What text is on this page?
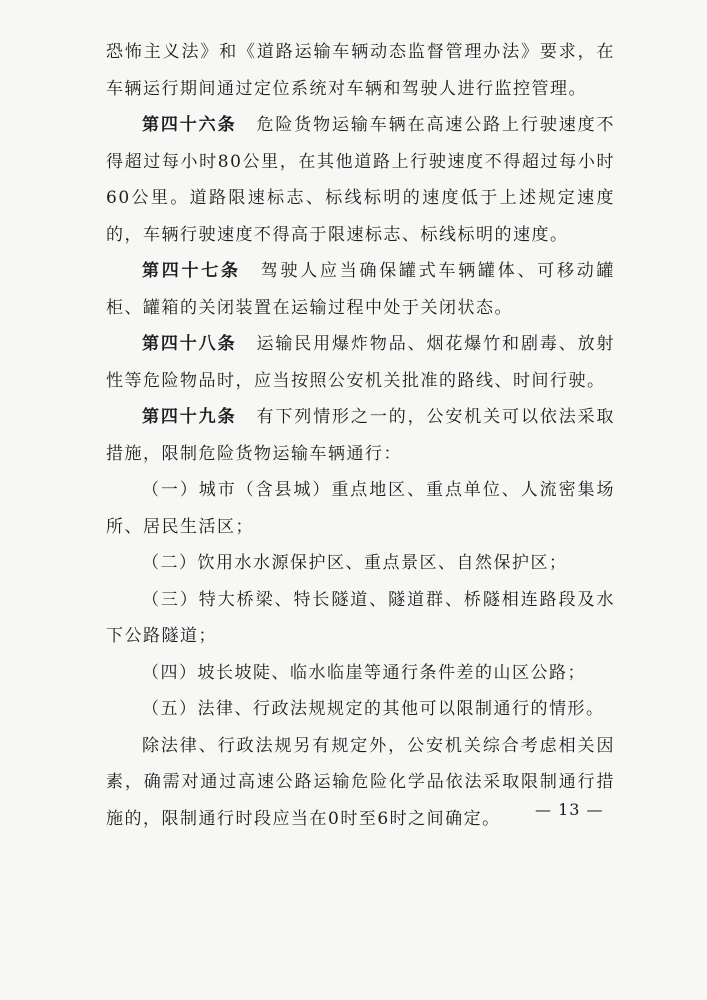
恐怖主义法》和《道路运输车辆动态监督管理办法》要求，在车辆运行期间通过定位系统对车辆和驾驶人进行监控管理。

第四十六条 危险货物运输车辆在高速公路上行驶速度不得超过每小时80公里，在其他道路上行驶速度不得超过每小时60公里。道路限速标志、标线标明的速度低于上述规定速度的，车辆行驶速度不得高于限速标志、标线标明的速度。

第四十七条 驾驶人应当确保罐式车辆罐体、可移动罐柜、罐箱的关闭装置在运输过程中处于关闭状态。

第四十八条 运输民用爆炸物品、烟花爆竹和剧毒、放射性等危险物品时，应当按照公安机关批准的路线、时间行驶。

第四十九条 有下列情形之一的，公安机关可以依法采取措施，限制危险货物运输车辆通行：

（一）城市（含县城）重点地区、重点单位、人流密集场所、居民生活区；

（二）饮用水水源保护区、重点景区、自然保护区；

（三）特大桥梁、特长隧道、隧道群、桥隧相连路段及水下公路隧道；

（四）坡长坡陡、临水临崖等通行条件差的山区公路；

（五）法律、行政法规规定的其他可以限制通行的情形。

除法律、行政法规另有规定外，公安机关综合考虑相关因素，确需对通过高速公路运输危险化学品依法采取限制通行措施的，限制通行时段应当在0时至6时之间确定。	— 13 —
